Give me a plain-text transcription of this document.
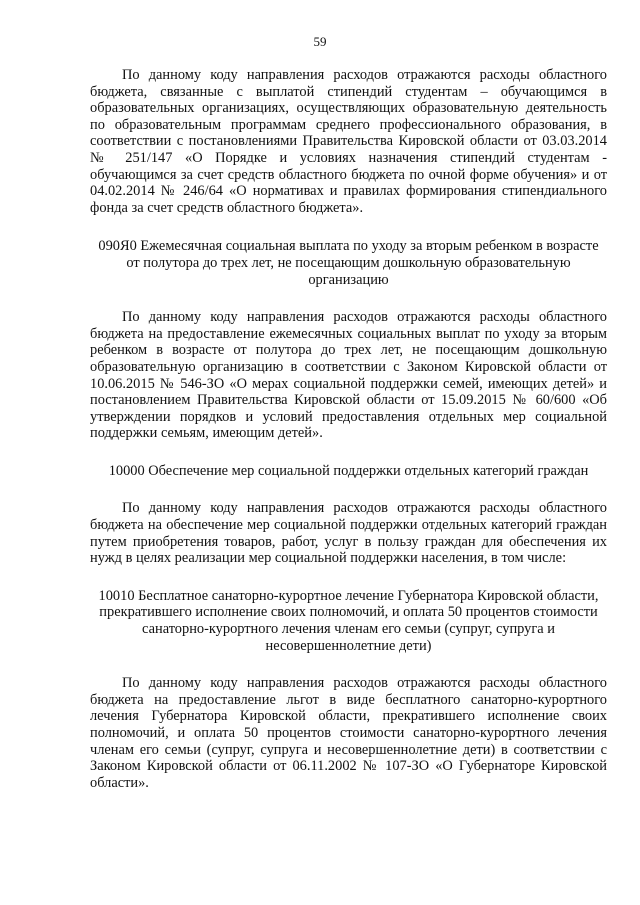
59

По данному коду направления расходов отражаются расходы областного бюджета, связанные с выплатой стипендий студентам – обучающимся в образовательных организациях, осуществляющих образовательную деятельность по образовательным программам среднего профессионального образования, в соответствии с постановлениями Правительства Кировской области от 03.03.2014 № 251/147 «О Порядке и условиях назначения стипендий студентам - обучающимся за счет средств областного бюджета по очной форме обучения» и от 04.02.2014 № 246/64 «О нормативах и правилах формирования стипендиального фонда за счет средств областного бюджета».

090Я0 Ежемесячная социальная выплата по уходу за вторым ребенком в возрасте от полутора до трех лет, не посещающим дошкольную образовательную организацию

По данному коду направления расходов отражаются расходы областного бюджета на предоставление ежемесячных социальных выплат по уходу за вторым ребенком в возрасте от полутора до трех лет, не посещающим дошкольную образовательную организацию в соответствии с Законом Кировской области от 10.06.2015 № 546-ЗО «О мерах социальной поддержки семей, имеющих детей» и постановлением Правительства Кировской области от 15.09.2015 № 60/600 «Об утверждении порядков и условий предоставления отдельных мер социальной поддержки семьям, имеющим детей».

10000 Обеспечение мер социальной поддержки отдельных категорий граждан

По данному коду направления расходов отражаются расходы областного бюджета на обеспечение мер социальной поддержки отдельных категорий граждан путем приобретения товаров, работ, услуг в пользу граждан для обеспечения их нужд в целях реализации мер социальной поддержки населения, в том числе:

10010 Бесплатное санаторно-курортное лечение Губернатора Кировской области, прекратившего исполнение своих полномочий, и оплата 50 процентов стоимости санаторно-курортного лечения членам его семьи (супруг, супруга и несовершеннолетние дети)

По данному коду направления расходов отражаются расходы областного бюджета на предоставление льгот в виде бесплатного санаторно-курортного лечения Губернатора Кировской области, прекратившего исполнение своих полномочий, и оплата 50 процентов стоимости санаторно-курортного лечения членам его семьи (супруг, супруга и несовершеннолетние дети) в соответствии с Законом Кировской области от 06.11.2002 № 107-ЗО «О Губернаторе Кировской области».
